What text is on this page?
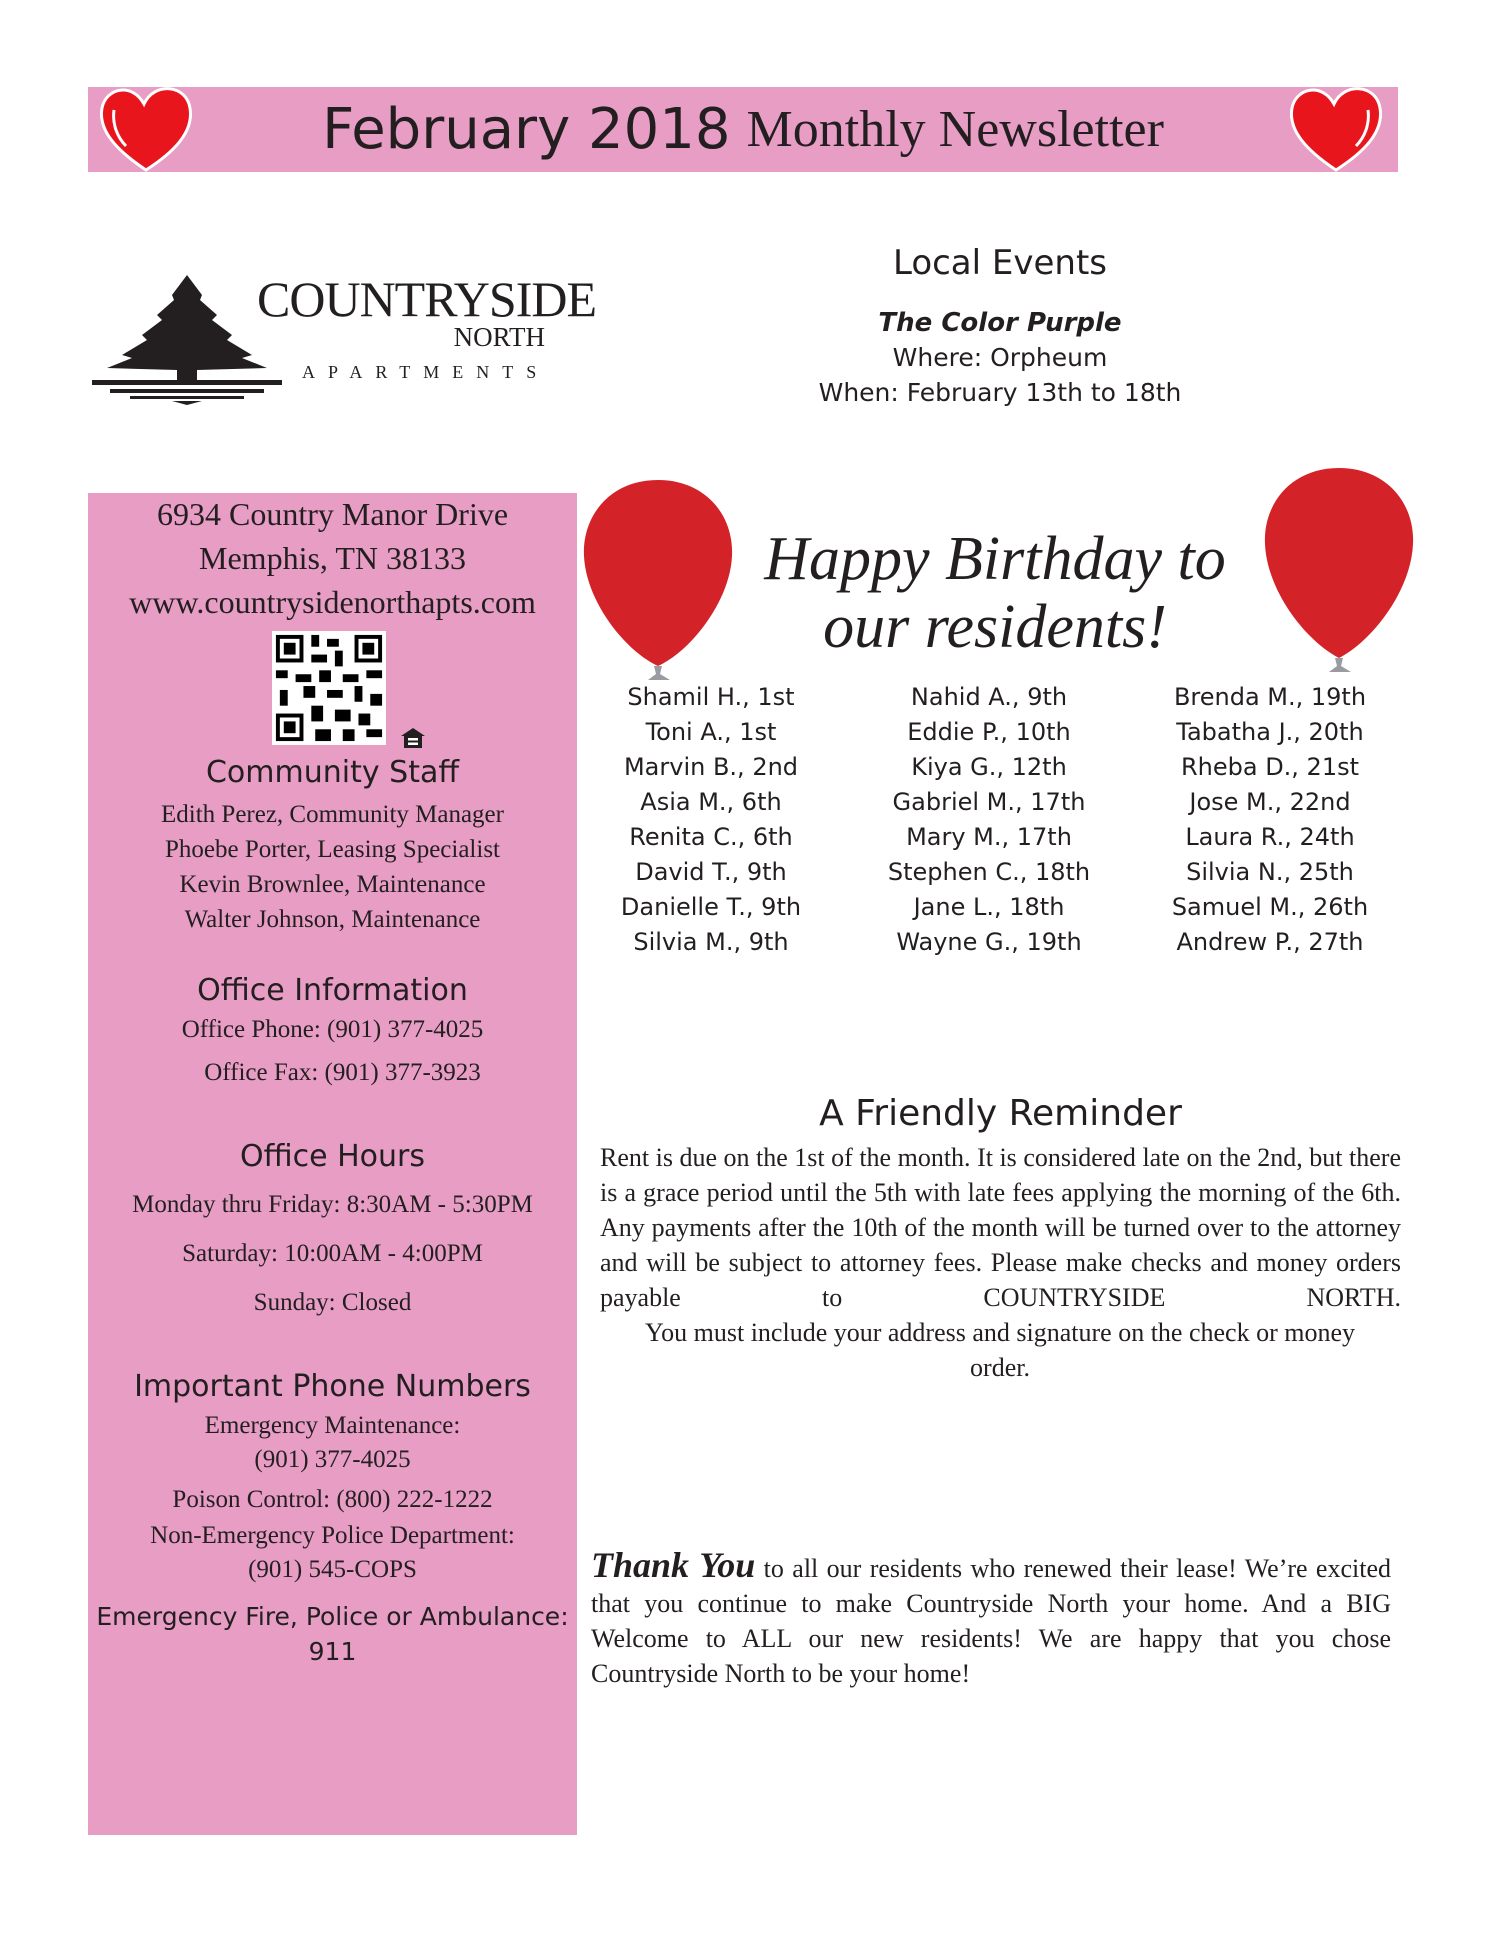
February 2018 Monthly Newsletter
COUNTRYSIDE
NORTH
APARTMENTS
Local Events
The Color Purple
Where: Orpheum
When: February 13th to 18th
6934 Country Manor Drive
Memphis, TN 38133
www.countrysidenorthapts.com
Community Staff
Edith Perez, Community Manager
Phoebe Porter, Leasing Specialist
Kevin Brownlee, Maintenance
Walter Johnson, Maintenance
Office Information
Office Phone: (901) 377-4025
Office Fax: (901) 377-3923
Office Hours
Monday thru Friday: 8:30AM - 5:30PM
Saturday: 10:00AM - 4:00PM
Sunday: Closed
Important Phone Numbers
Emergency Maintenance:
(901) 377-4025
Poison Control: (800) 222-1222
Non-Emergency Police Department:
(901) 545-COPS
Emergency Fire, Police or Ambulance:
911
Happy Birthday to
our residents!
Shamil H., 1st
Toni A., 1st
Marvin B., 2nd
Asia M., 6th
Renita C., 6th
David T., 9th
Danielle T., 9th
Silvia M., 9th
Nahid A., 9th
Eddie P., 10th
Kiya G., 12th
Gabriel M., 17th
Mary M., 17th
Stephen C., 18th
Jane L., 18th
Wayne G., 19th
Brenda M., 19th
Tabatha J., 20th
Rheba D., 21st
Jose M., 22nd
Laura R., 24th
Silvia N., 25th
Samuel M., 26th
Andrew P., 27th
A Friendly Reminder
Rent is due on the 1st of the month. It is considered late on the 2nd, but there is a grace period until the 5th with late fees applying the morning of the 6th. Any payments after the 10th of the month will be turned over to the attorney and will be subject to attorney fees. Please make checks and money orders payable to COUNTRYSIDE NORTH.
You must include your address and signature on the check or money order.
Thank You to all our residents who renewed their lease! We’re excited that you continue to make Countryside North your home. And a BIG Welcome to ALL our new residents! We are happy that you chose Countryside North to be your home!
